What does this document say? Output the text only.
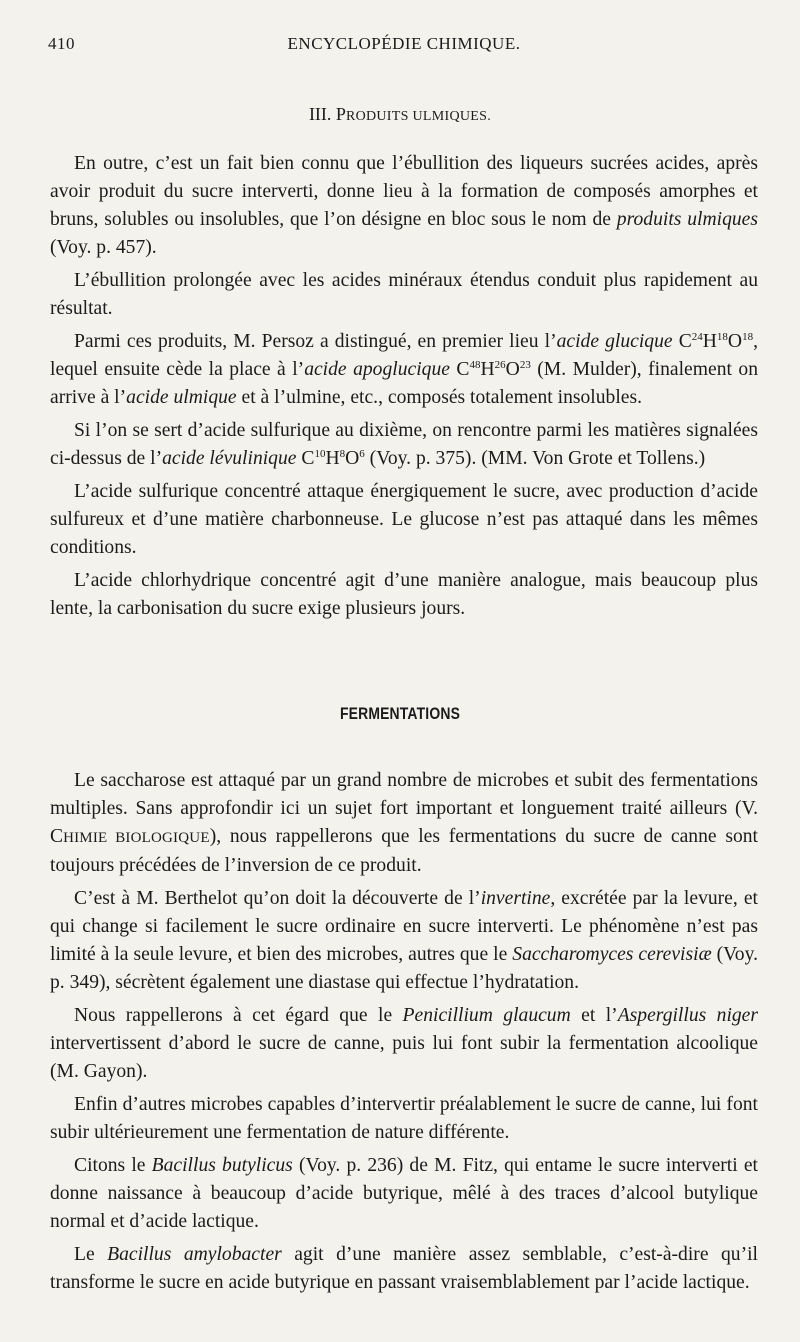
410	ENCYCLOPÉDIE CHIMIQUE.
III. PRODUITS ULMIQUES.

En outre, c’est un fait bien connu que l’ébullition des liqueurs sucrées acides, après avoir produit du sucre interverti, donne lieu à la formation de composés amorphes et bruns, solubles ou insolubles, que l’on désigne en bloc sous le nom de produits ulmiques (Voy. p. 457).

L’ébullition prolongée avec les acides minéraux étendus conduit plus rapidement au résultat.

Parmi ces produits, M. Persoz a distingué, en premier lieu l’acide glucique $C^{24}H^{18}O^{18}$, lequel ensuite cède la place à l’acide apoglucique $C^{48}H^{26}O^{23}$ (M. Mulder), finalement on arrive à l’acide ulmique et à l’ulmine, etc., composés totalement insolubles.

Si l’on se sert d’acide sulfurique au dixième, on rencontre parmi les matières signalées ci-dessus de l’acide lévulinique $C^{10}H^8O^6$ (Voy. p. 375). (MM. Von Grote et Tollens.)

L’acide sulfurique concentré attaque énergiquement le sucre, avec production d’acide sulfureux et d’une matière charbonneuse. Le glucose n’est pas attaqué dans les mêmes conditions.

L’acide chlorhydrique concentré agit d’une manière analogue, mais beaucoup plus lente, la carbonisation du sucre exige plusieurs jours.

FERMENTATIONS

Le saccharose est attaqué par un grand nombre de microbes et subit des fermentations multiples. Sans approfondir ici un sujet fort important et longuement traité ailleurs (V. CHIMIE BIOLOGIQUE), nous rappellerons que les fermentations du sucre de canne sont toujours précédées de l’inversion de ce produit.

C’est à M. Berthelot qu’on doit la découverte de l’invertine, excrétée par la levure, et qui change si facilement le sucre ordinaire en sucre interverti. Le phénomène n’est pas limité à la seule levure, et bien des microbes, autres que le Saccharomyces cerevisiæ (Voy. p. 349), sécrètent également une diastase qui effectue l’hydratation.

Nous rappellerons à cet égard que le Penicillium glaucum et l’Aspergillus niger intervertissent d’abord le sucre de canne, puis lui font subir la fermentation alcoolique (M. Gayon).

Enfin d’autres microbes capables d’intervertir préalablement le sucre de canne, lui font subir ultérieurement une fermentation de nature différente.

Citons le Bacillus butylicus (Voy. p. 236) de M. Fitz, qui entame le sucre interverti et donne naissance à beaucoup d’acide butyrique, mêlé à des traces d’alcool butylique normal et d’acide lactique.

Le Bacillus amylobacter agit d’une manière assez semblable, c’est-à-dire qu’il transforme le sucre en acide butyrique en passant vraisemblablement par l’acide lactique.
